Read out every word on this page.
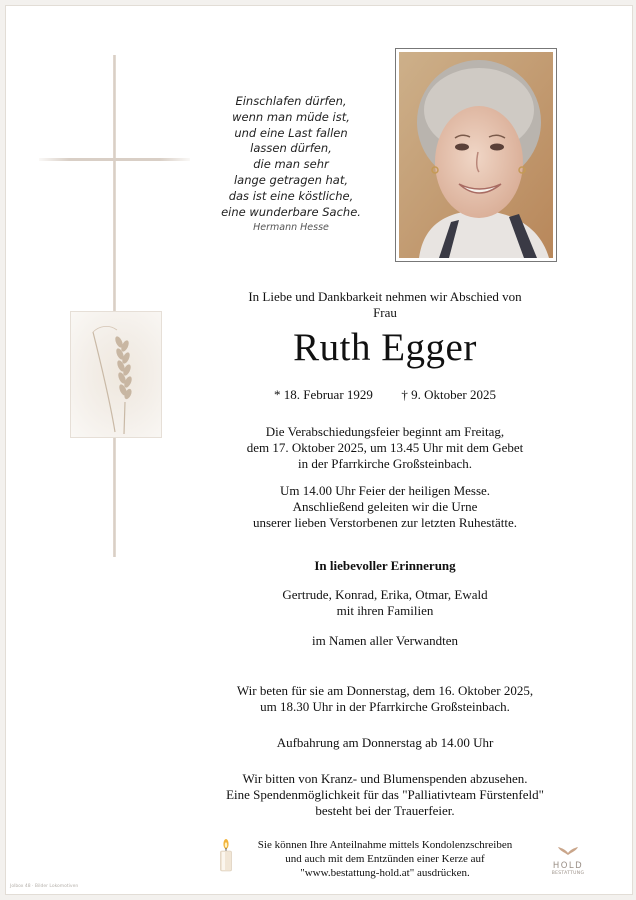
Einschlafen dürfen,
wenn man müde ist,
und eine Last fallen
lassen dürfen,
die man sehr
lange getragen hat,
das ist eine köstliche,
eine wunderbare Sache.
Hermann Hesse
In Liebe und Dankbarkeit nehmen wir Abschied von
Frau
Ruth Egger
* 18. Februar 1929 † 9. Oktober 2025
Die Verabschiedungsfeier beginnt am Freitag,
dem 17. Oktober 2025, um 13.45 Uhr mit dem Gebet
in der Pfarrkirche Großsteinbach.
Um 14.00 Uhr Feier der heiligen Messe.
Anschließend geleiten wir die Urne
unserer lieben Verstorbenen zur letzten Ruhestätte.
In liebevoller Erinnerung
Gertrude, Konrad, Erika, Otmar, Ewald
mit ihren Familien
im Namen aller Verwandten
Wir beten für sie am Donnerstag, dem 16. Oktober 2025,
um 18.30 Uhr in der Pfarrkirche Großsteinbach.
Aufbahrung am Donnerstag ab 14.00 Uhr
Wir bitten von Kranz- und Blumenspenden abzusehen.
Eine Spendenmöglichkeit für das "Palliativteam Fürstenfeld"
besteht bei der Trauerfeier.
Sie können Ihre Anteilnahme mittels Kondolenzschreiben
und auch mit dem Entzünden einer Kerze auf
"www.bestattung-hold.at" ausdrücken.
HOLD
BESTATTUNG
Jolbox 48 · Bilder Lokomotiven
